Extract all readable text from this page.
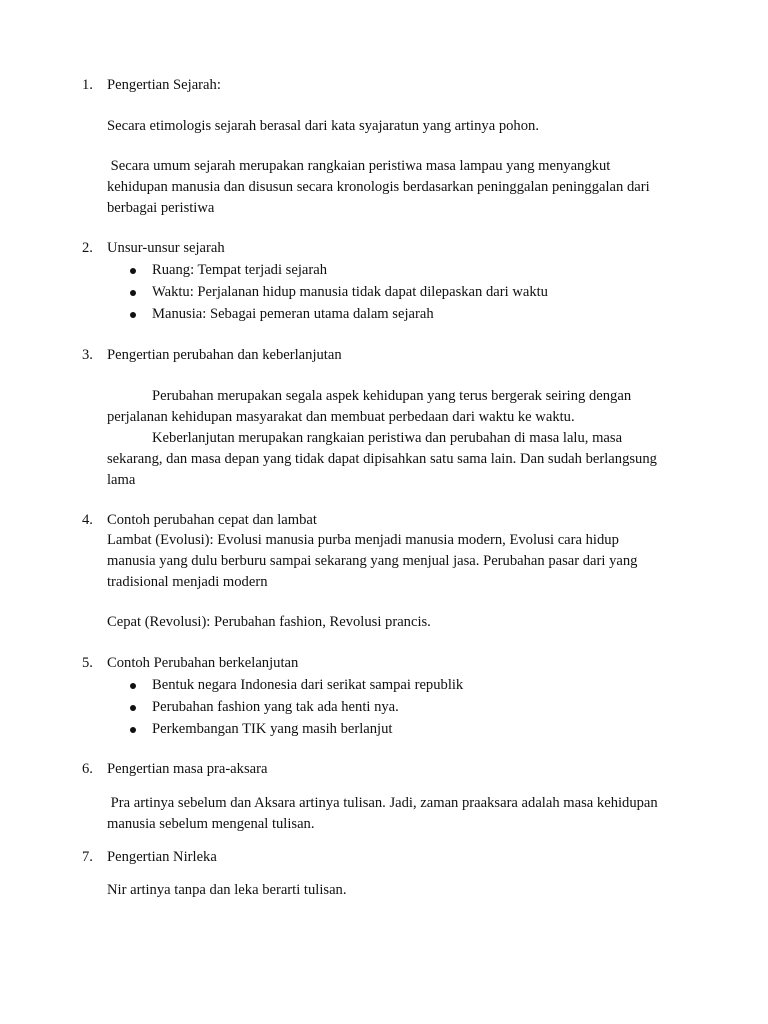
1. Pengertian Sejarah:
Secara etimologis sejarah berasal dari kata syajaratun yang artinya pohon.
Secara umum sejarah merupakan rangkaian peristiwa masa lampau yang menyangkut
kehidupan manusia dan disusun secara kronologis berdasarkan peninggalan peninggalan dari
berbagai peristiwa
2. Unsur-unsur sejarah
Ruang: Tempat terjadi sejarah
Waktu: Perjalanan hidup manusia tidak dapat dilepaskan dari waktu
Manusia: Sebagai pemeran utama dalam sejarah
3. Pengertian perubahan dan keberlanjutan
Perubahan merupakan segala aspek kehidupan yang terus bergerak seiring dengan
perjalanan kehidupan masyarakat dan membuat perbedaan dari waktu ke waktu.
Keberlanjutan merupakan rangkaian peristiwa dan perubahan di masa lalu, masa
sekarang, dan masa depan yang tidak dapat dipisahkan satu sama lain. Dan sudah berlangsung
lama
4. Contoh perubahan cepat dan lambat
Lambat (Evolusi): Evolusi manusia purba menjadi manusia modern, Evolusi cara hidup
manusia yang dulu berburu sampai sekarang yang menjual jasa. Perubahan pasar dari yang
tradisional menjadi modern
Cepat (Revolusi): Perubahan fashion, Revolusi prancis.
5. Contoh Perubahan berkelanjutan
Bentuk negara Indonesia dari serikat sampai republik
Perubahan fashion yang tak ada henti nya.
Perkembangan TIK yang masih berlanjut
6. Pengertian masa pra-aksara
Pra artinya sebelum dan Aksara artinya tulisan. Jadi, zaman praaksara adalah masa kehidupan
manusia sebelum mengenal tulisan.
7. Pengertian Nirleka
Nir artinya tanpa dan leka berarti tulisan.
